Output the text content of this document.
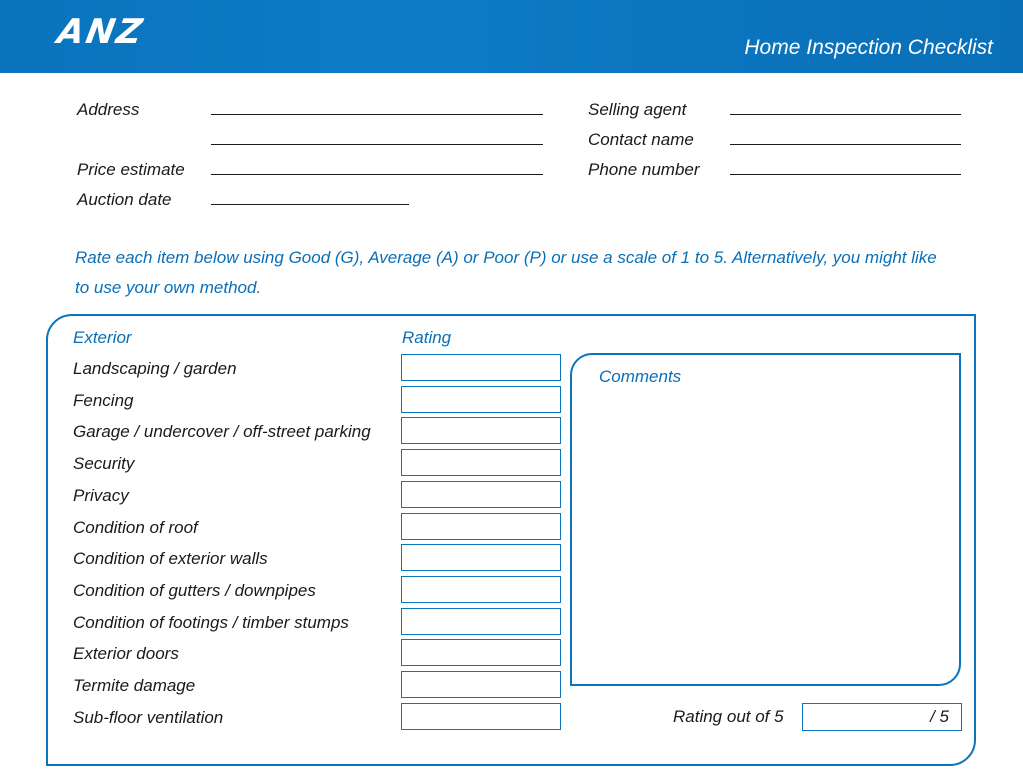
ANZ	Home Inspection Checklist
Address
Price estimate
Auction date
Selling agent
Contact name
Phone number
Rate each item below using Good (G), Average (A) or Poor (P) or use a scale of 1 to 5. Alternatively, you might like to use your own method.
Exterior	Rating
Landscaping / garden
Fencing
Garage / undercover / off-street parking
Security
Privacy
Condition of roof
Condition of exterior walls
Condition of gutters / downpipes
Condition of footings / timber stumps
Exterior doors
Termite damage
Sub-floor ventilation
Comments
Rating out of 5	/ 5
